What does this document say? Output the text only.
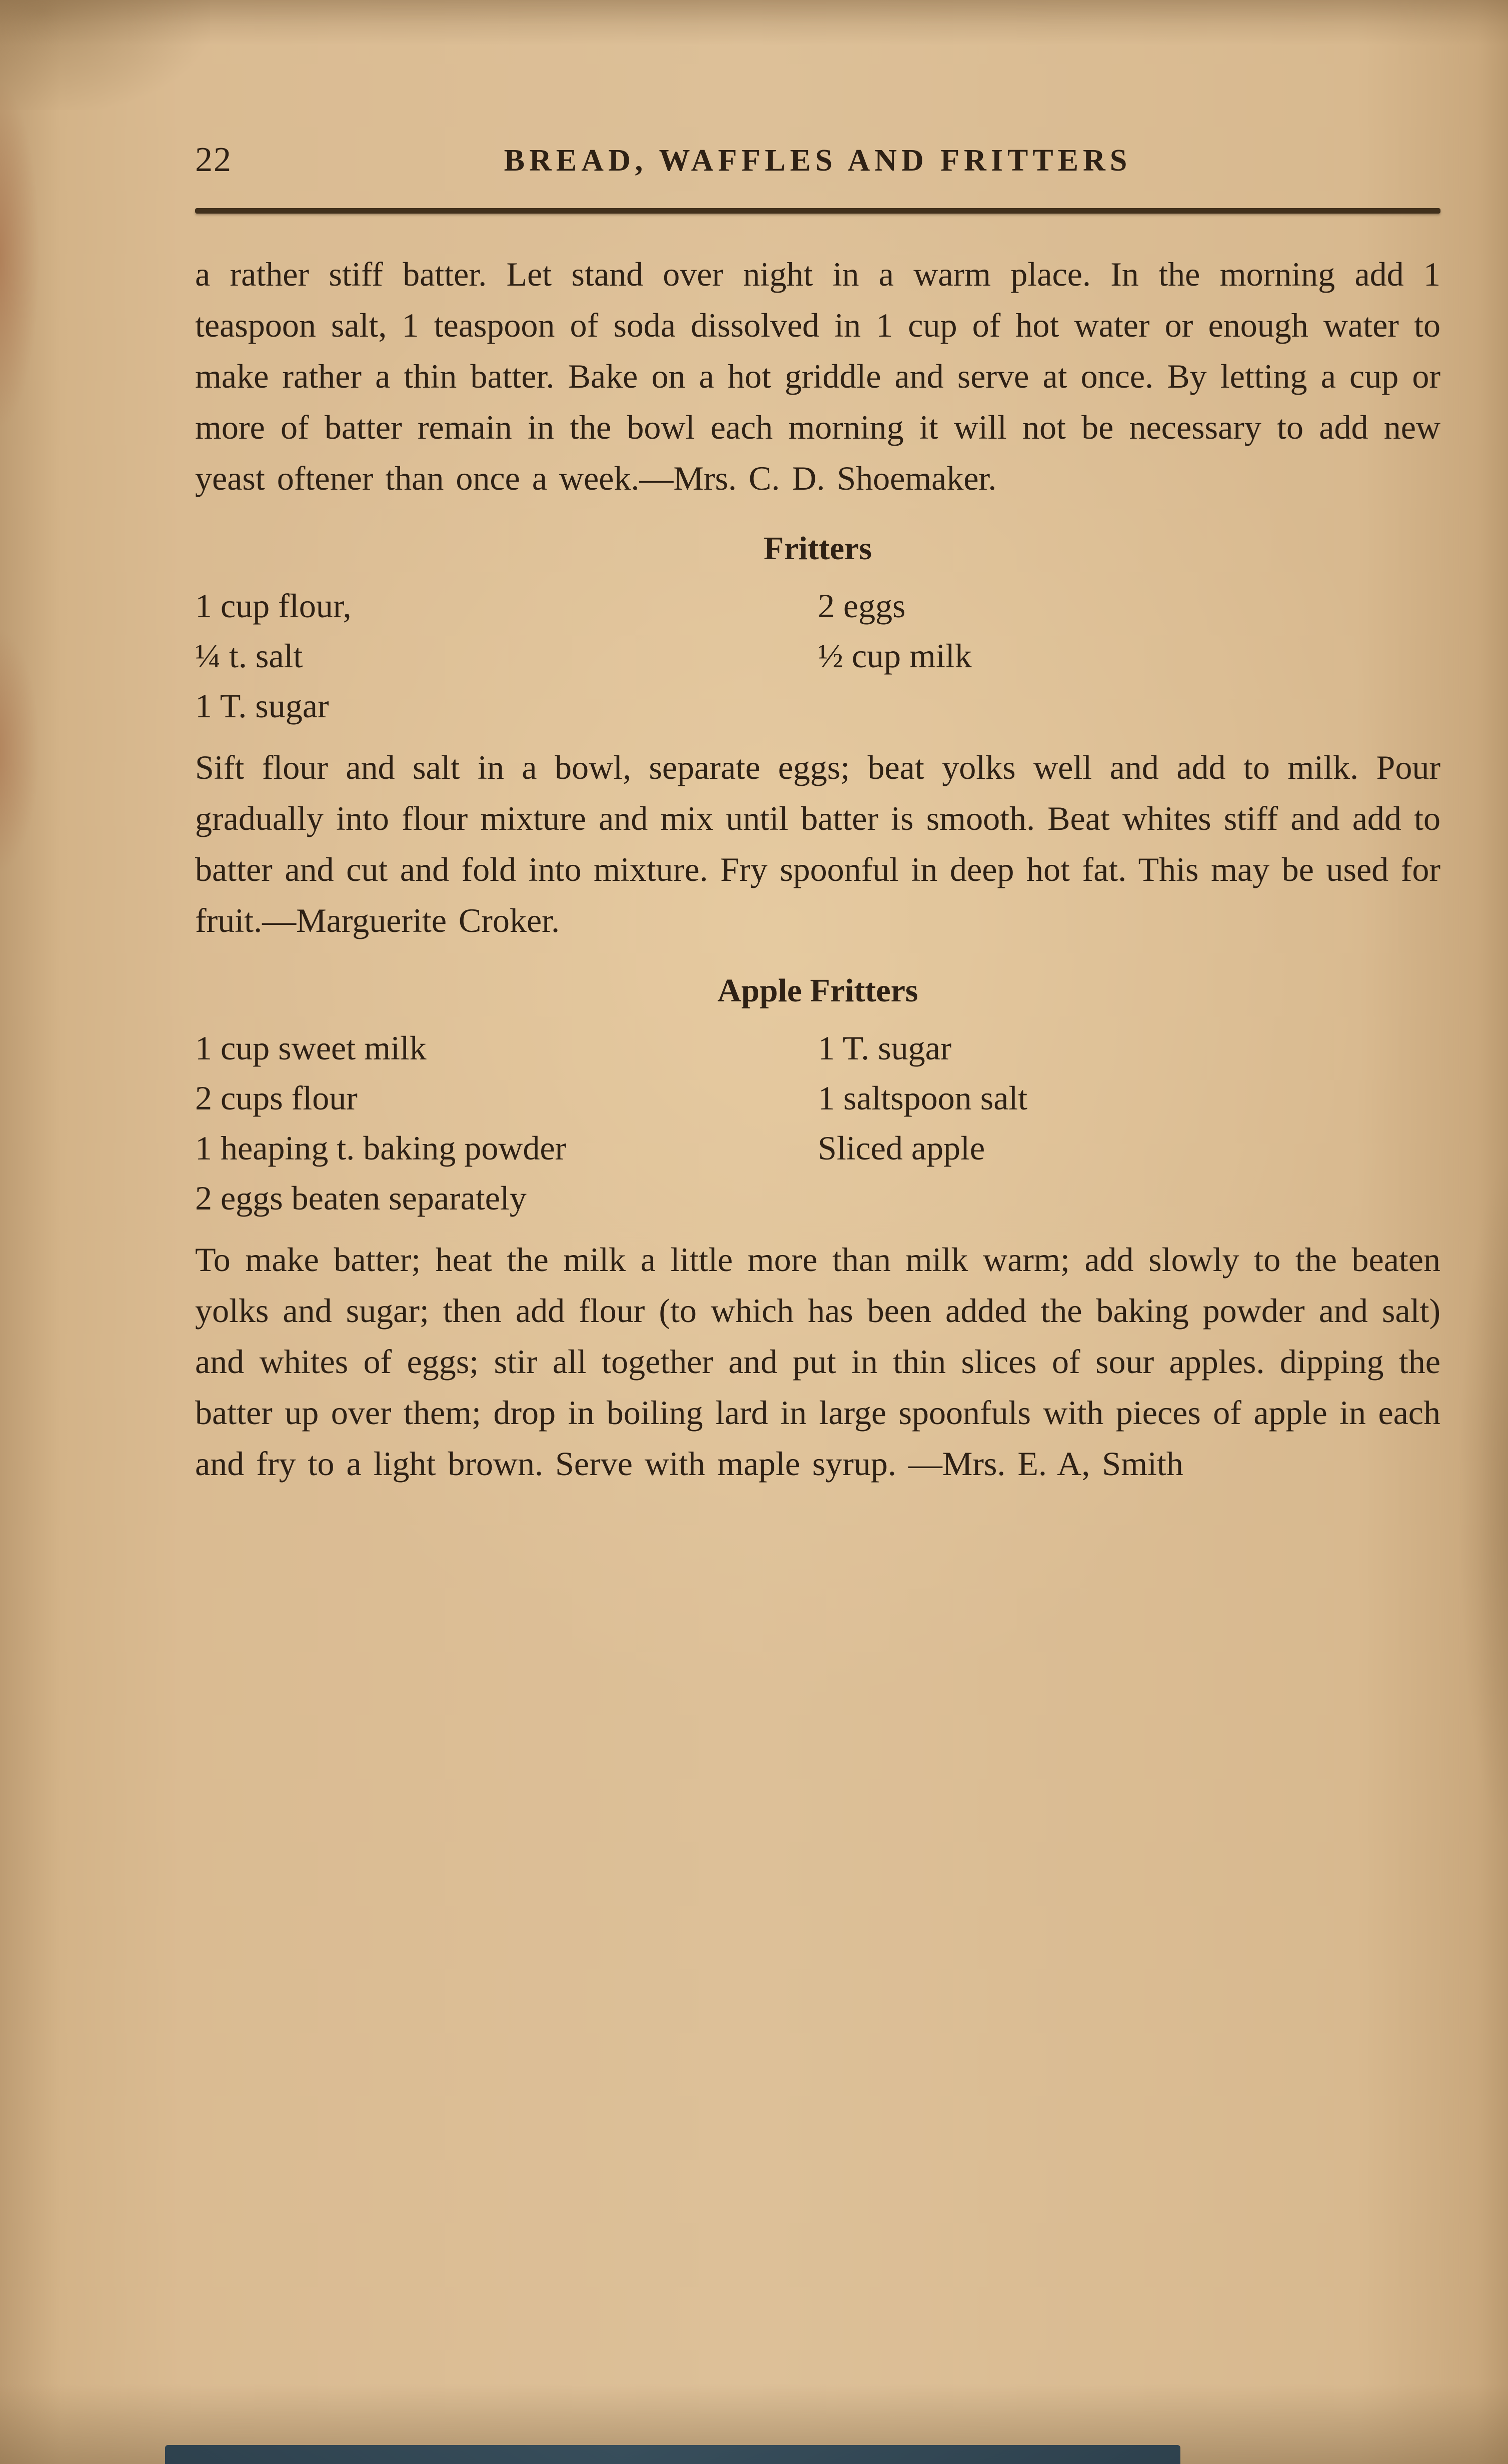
22	BREAD, WAFFLES AND FRITTERS

a rather stiff batter. Let stand over night in a warm place. In the morning add 1 teaspoon salt, 1 teaspoon of soda dissolved in 1 cup of hot water or enough water to make rather a thin batter. Bake on a hot griddle and serve at once. By letting a cup or more of batter remain in the bowl each morning it will not be necessary to add new yeast oftener than once a week.—Mrs. C. D. Shoemaker.

Fritters
1 cup flour,	2 eggs
¼ t. salt	½ cup milk
1 T. sugar

Sift flour and salt in a bowl, separate eggs; beat yolks well and add to milk. Pour gradually into flour mixture and mix until batter is smooth. Beat whites stiff and add to batter and cut and fold into mixture. Fry spoonful in deep hot fat. This may be used for fruit.—Marguerite Croker.

Apple Fritters
1 cup sweet milk	1 T. sugar
2 cups flour	1 saltspoon salt
1 heaping t. baking powder	Sliced apple
2 eggs beaten separately

To make batter; heat the milk a little more than milk warm; add slowly to the beaten yolks and sugar; then add flour (to which has been added the baking powder and salt) and whites of eggs; stir all together and put in thin slices of sour apples. dipping the batter up over them; drop in boiling lard in large spoonfuls with pieces of apple in each and fry to a light brown. Serve with maple syrup. —Mrs. E. A, Smith
